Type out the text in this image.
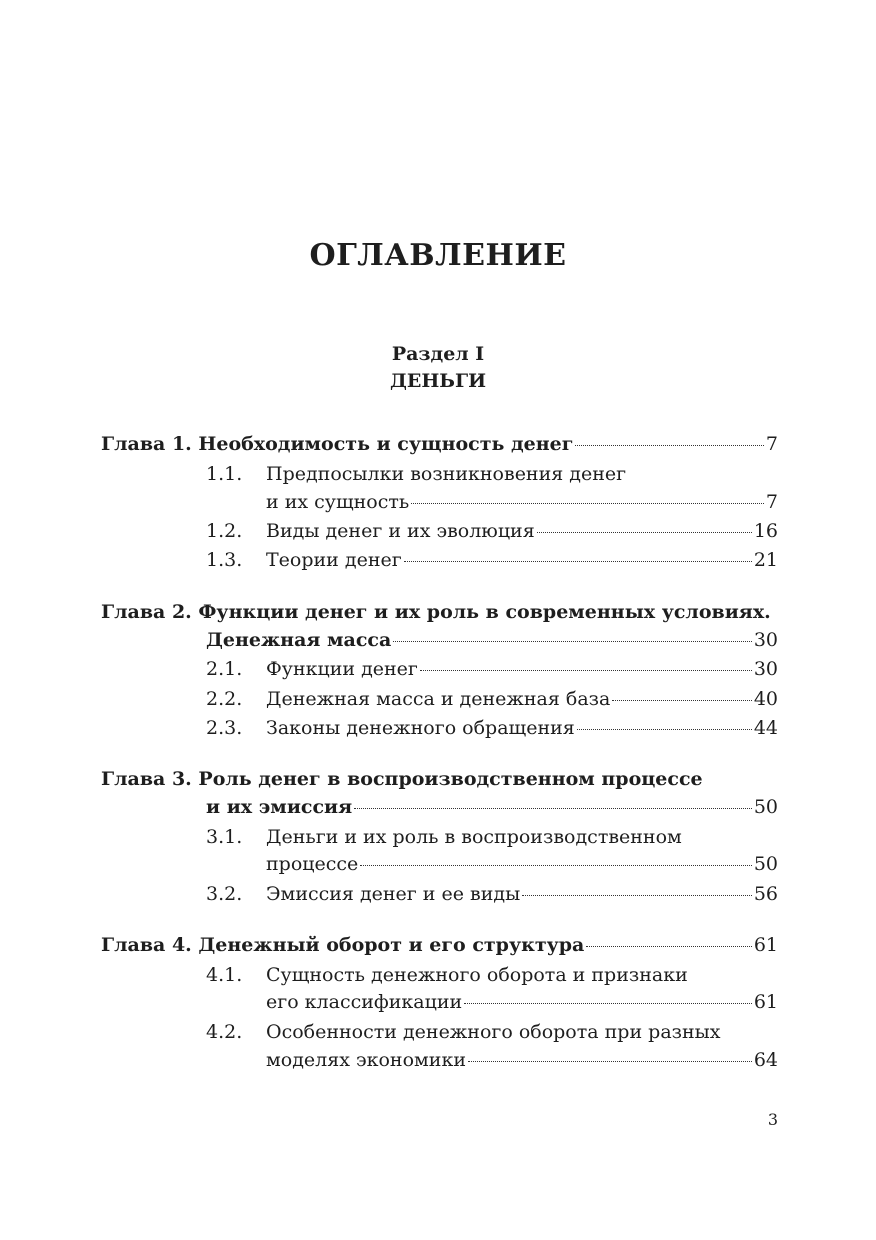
ОГЛАВЛЕНИЕ
Раздел I
ДЕНЬГИ
Глава 1. Необходимость и сущность денег	7
1.1. Предпосылки возникновения денег
и их сущность	7
1.2. Виды денег и их эволюция	16
1.3. Теории денег	21
Глава 2. Функции денег и их роль в современных условиях.
Денежная масса	30
2.1. Функции денег	30
2.2. Денежная масса и денежная база	40
2.3. Законы денежного обращения	44
Глава 3. Роль денег в воспроизводственном процессе
и их эмиссия	50
3.1. Деньги и их роль в воспроизводственном
процессе	50
3.2. Эмиссия денег и ее виды	56
Глава 4. Денежный оборот и его структура	61
4.1. Сущность денежного оборота и признаки
его классификации	61
4.2. Особенности денежного оборота при разных
моделях экономики	64
3
